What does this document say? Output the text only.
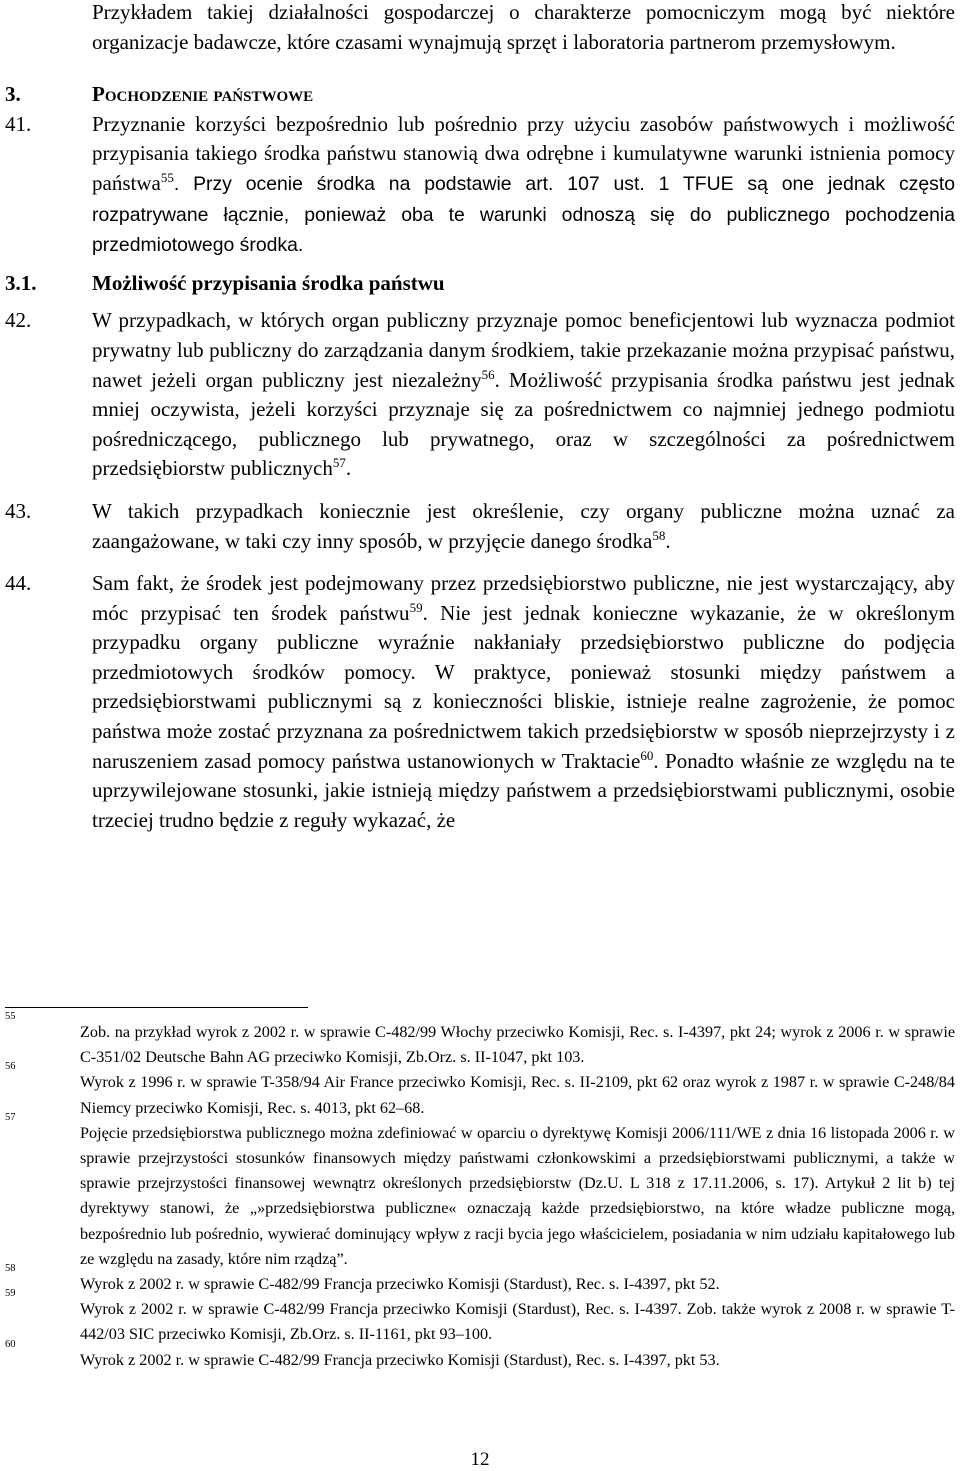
Przykładem takiej działalności gospodarczej o charakterze pomocniczym mogą być niektóre organizacje badawcze, które czasami wynajmują sprzęt i laboratoria partnerom przemysłowym.
3.	Pochodzenie państwowe
41.	Przyznanie korzyści bezpośrednio lub pośrednio przy użyciu zasobów państwowych i możliwość przypisania takiego środka państwu stanowią dwa odrębne i kumulatywne warunki istnienia pomocy państwa$^{55}$. Przy ocenie środka na podstawie art. 107 ust. 1 TFUE są one jednak często rozpatrywane łącznie, ponieważ oba te warunki odnoszą się do publicznego pochodzenia przedmiotowego środka.
3.1.	Możliwość przypisania środka państwu
42.	W przypadkach, w których organ publiczny przyznaje pomoc beneficjentowi lub wyznacza podmiot prywatny lub publiczny do zarządzania danym środkiem, takie przekazanie można przypisać państwu, nawet jeżeli organ publiczny jest niezależny$^{56}$. Możliwość przypisania środka państwu jest jednak mniej oczywista, jeżeli korzyści przyznaje się za pośrednictwem co najmniej jednego podmiotu pośredniczącego, publicznego lub prywatnego, oraz w szczególności za pośrednictwem przedsiębiorstw publicznych$^{57}$.
43.	W takich przypadkach koniecznie jest określenie, czy organy publiczne można uznać za zaangażowane, w taki czy inny sposób, w przyjęcie danego środka$^{58}$.
44.	Sam fakt, że środek jest podejmowany przez przedsiębiorstwo publiczne, nie jest wystarczający, aby móc przypisać ten środek państwu$^{59}$. Nie jest jednak konieczne wykazanie, że w określonym przypadku organy publiczne wyraźnie nakłaniały przedsiębiorstwo publiczne do podjęcia przedmiotowych środków pomocy. W praktyce, ponieważ stosunki między państwem a przedsiębiorstwami publicznymi są z konieczności bliskie, istnieje realne zagrożenie, że pomoc państwa może zostać przyznana za pośrednictwem takich przedsiębiorstw w sposób nieprzejrzysty i z naruszeniem zasad pomocy państwa ustanowionych w Traktacie$^{60}$. Ponadto właśnie ze względu na te uprzywilejowane stosunki, jakie istnieją między państwem a przedsiębiorstwami publicznymi, osobie trzeciej trudno będzie z reguły wykazać, że
55
Zob. na przykład wyrok z 2002 r. w sprawie C-482/99 Włochy przeciwko Komisji, Rec. s. I-4397, pkt 24; wyrok z 2006 r. w sprawie C-351/02 Deutsche Bahn AG przeciwko Komisji, Zb.Orz. s. II-1047, pkt 103.
56
Wyrok z 1996 r. w sprawie T-358/94 Air France przeciwko Komisji, Rec. s. II-2109, pkt 62 oraz wyrok z 1987 r. w sprawie C-248/84 Niemcy przeciwko Komisji, Rec. s. 4013, pkt 62–68.
57
Pojęcie przedsiębiorstwa publicznego można zdefiniować w oparciu o dyrektywę Komisji 2006/111/WE z dnia 16 listopada 2006 r. w sprawie przejrzystości stosunków finansowych między państwami członkowskimi a przedsiębiorstwami publicznymi, a także w sprawie przejrzystości finansowej wewnątrz określonych przedsiębiorstw (Dz.U. L 318 z 17.11.2006, s. 17). Artykuł 2 lit b) tej dyrektywy stanowi, że „»przedsiębiorstwa publiczne« oznaczają każde przedsiębiorstwo, na które władze publiczne mogą, bezpośrednio lub pośrednio, wywierać dominujący wpływ z racji bycia jego właścicielem, posiadania w nim udziału kapitałowego lub ze względu na zasady, które nim rządzą”.
58
Wyrok z 2002 r. w sprawie C-482/99 Francja przeciwko Komisji (Stardust), Rec. s. I-4397, pkt 52.
59
Wyrok z 2002 r. w sprawie C-482/99 Francja przeciwko Komisji (Stardust), Rec. s. I-4397. Zob. także wyrok z 2008 r. w sprawie T-442/03 SIC przeciwko Komisji, Zb.Orz. s. II-1161, pkt 93–100.
60
Wyrok z 2002 r. w sprawie C-482/99 Francja przeciwko Komisji (Stardust), Rec. s. I-4397, pkt 53.
12
